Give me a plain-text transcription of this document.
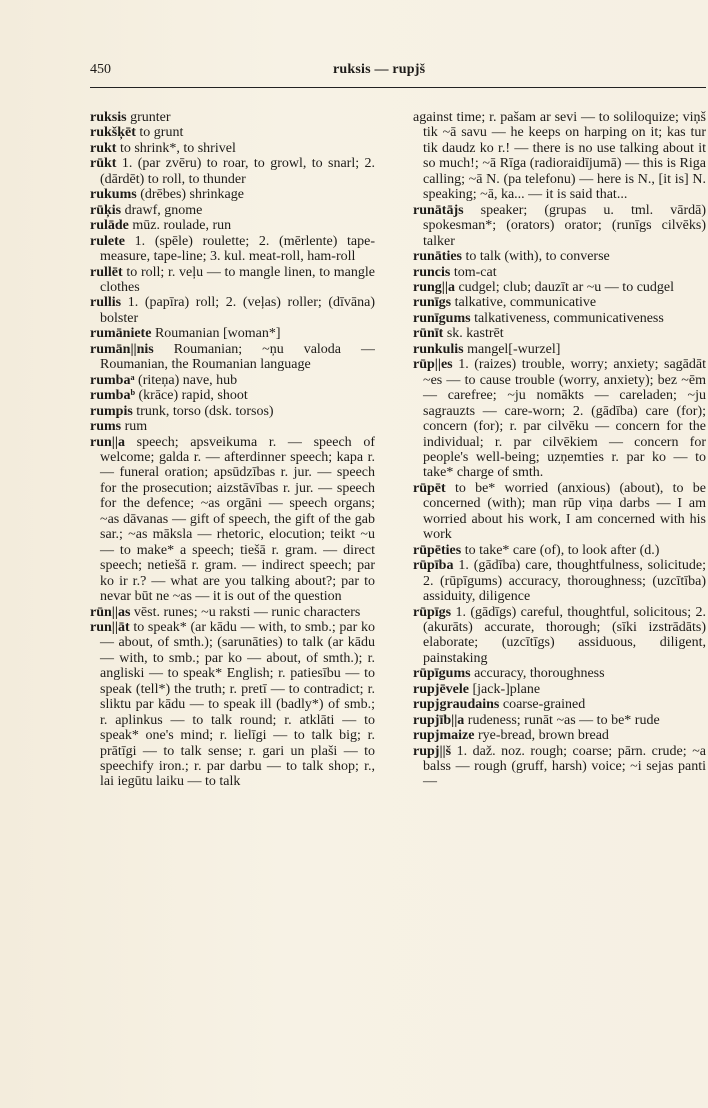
450	ruksis — rupjš

ruksis grunter

rukšķēt to grunt

rukt to shrink*, to shrivel

rūkt 1. (par zvēru) to roar, to growl, to snarl; 2. (dārdēt) to roll, to thunder

rukums (drēbes) shrinkage

rūķis drawf, gnome

rulāde mūz. roulade, run

rulete 1. (spēle) roulette; 2. (mērlente) tape-measure, tape-line; 3. kul. meat-roll, ham-roll

rullēt to roll; r. veļu — to mangle linen, to mangle clothes

rullis 1. (papīra) roll; 2. (veļas) roller; (dīvāna) bolster

rumāniete Roumanian [woman*]

rumān||nis Roumanian; ~ņu valoda — Roumanian, the Roumanian language

rumbaᵃ (riteņa) nave, hub

rumbaᵇ (krāce) rapid, shoot

rumpis trunk, torso (dsk. torsos)

rums rum

run||a speech; apsveikuma r. — speech of welcome; galda r. — afterdinner speech; kapa r. — funeral oration; apsūdzības r. jur. — speech for the prosecution; aizstāvības r. jur. — speech for the defence; ~as orgāni — speech organs; ~as dāvanas — gift of speech, the gift of the gab sar.; ~as māksla — rhetoric, elocution; teikt ~u — to make* a speech; tiešā r. gram. — direct speech; netiešā r. gram. — indirect speech; par ko ir r.? — what are you talking about?; par to nevar būt ne ~as — it is out of the question

rūn||as vēst. runes; ~u raksti — runic characters

run||āt to speak* (ar kādu — with, to smb.; par ko — about, of smth.); (sarunāties) to talk (ar kādu — with, to smb.; par ko — about, of smth.); r. angliski — to speak* English; r. patiesību — to speak (tell*) the truth; r. pretī — to contradict; r. sliktu par kādu — to speak ill (badly*) of smb.; r. aplinkus — to talk round; r. atklāti — to speak* one's mind; r. lielīgi — to talk big; r. prātīgi — to talk sense; r. gari un plaši — to speechify iron.; r. par darbu — to talk shop; r., lai iegūtu laiku — to talk

against time; r. pašam ar sevi — to soliloquize; viņš tik ~ā savu — he keeps on harping on it; kas tur tik daudz ko r.! — there is no use talking about it so much!; ~ā Rīga (radioraidījumā) — this is Riga calling; ~ā N. (pa telefonu) — here is N., [it is] N. speaking; ~ā, ka... — it is said that...

runātājs speaker; (grupas u. tml. vārdā) spokesman*; (orators) orator; (runīgs cilvēks) talker

runāties to talk (with), to converse

runcis tom-cat

rung||a cudgel; club; dauzīt ar ~u — to cudgel

runīgs talkative, communicative

runīgums talkativeness, communicativeness

rūnīt sk. kastrēt

runkulis mangel[-wurzel]

rūp||es 1. (raizes) trouble, worry; anxiety; sagādāt ~es — to cause trouble (worry, anxiety); bez ~ēm — carefree; ~ju nomākts — careladen; ~ju sagrauzts — care-worn; 2. (gādība) care (for); concern (for); r. par cilvēku — concern for the individual; r. par cilvēkiem — concern for people's well-being; uzņemties r. par ko — to take* charge of smth.

rūpēt to be* worried (anxious) (about), to be concerned (with); man rūp viņa darbs — I am worried about his work, I am concerned with his work

rūpēties to take* care (of), to look after (d.)

rūpība 1. (gādība) care, thoughtfulness, solicitude; 2. (rūpīgums) accuracy, thoroughness; (uzcītība) assiduity, diligence

rūpīgs 1. (gādīgs) careful, thoughtful, solicitous; 2. (akurāts) accurate, thorough; (sīki izstrādāts) elaborate; (uzcītīgs) assiduous, diligent, painstaking

rūpīgums accuracy, thoroughness

rupjēvele [jack-]plane

rupjgraudains coarse-grained

rupjīb||a rudeness; runāt ~as — to be* rude

rupjmaize rye-bread, brown bread

rupj||š 1. daž. noz. rough; coarse; pārn. crude; ~a balss — rough (gruff, harsh) voice; ~i sejas panti —
